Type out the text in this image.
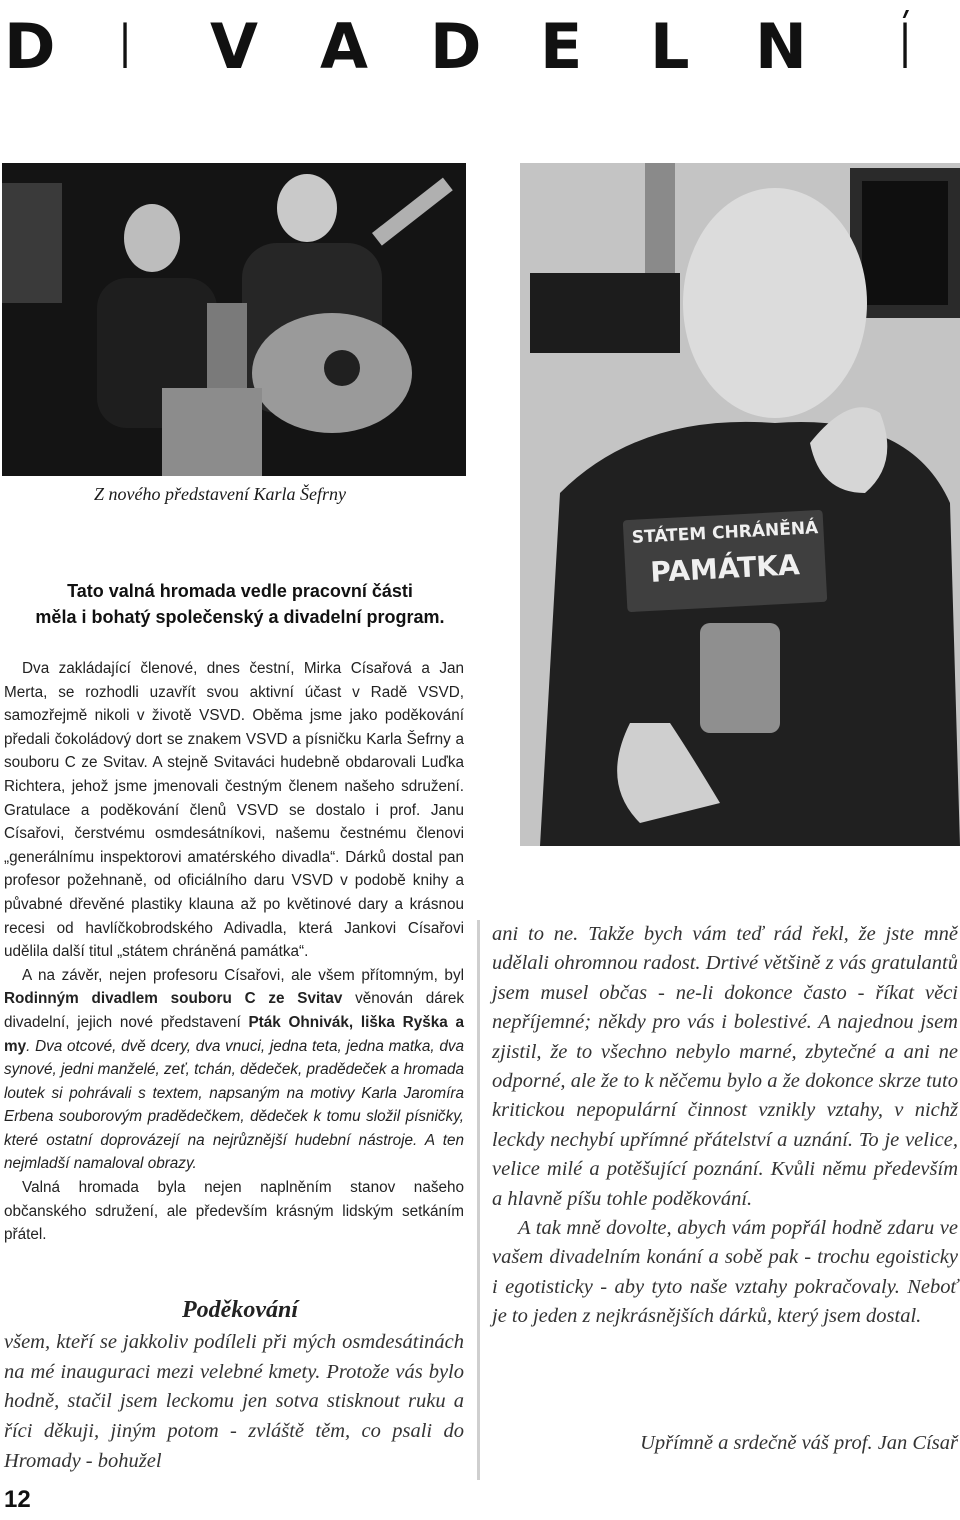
D I V A D E L N Í
Z nového představení Karla Šefrny
STÁTEM CHRÁNĚNÁ
PAMÁTKA
Tato valná hromada vedle pracovní části
měla i bohatý společenský a divadelní program.

Dva zakládající členové, dnes čestní, Mirka Císařová a Jan Merta, se rozhodli uzavřít svou aktivní účast v Radě VSVD, samozřejmě nikoli v životě VSVD. Oběma jsme jako poděkování předali čokoládový dort se znakem VSVD a písničku Karla Šefrny a souboru C ze Svitav. A stejně Svitaváci hudebně obdarovali Luďka Richtera, jehož jsme jmenovali čestným členem našeho sdružení. Gratulace a poděkování členů VSVD se dostalo i prof. Janu Císařovi, čerstvému osmdesátníkovi, našemu čestnému členovi „generálnímu inspektorovi amatérského divadla“. Dárků dostal pan profesor požehnaně, od oficiálního daru VSVD v podobě knihy a půvabné dřevěné plastiky klauna až po květinové dary a krásnou recesi od havlíčkobrodského Adivadla, která Jankovi Císařovi udělila další titul „státem chráněná památka“.

A na závěr, nejen profesoru Císařovi, ale všem přítomným, byl Rodinným divadlem souboru C ze Svitav věnován dárek divadelní, jejich nové představení Pták Ohnivák, liška Ryška a my. Dva otcové, dvě dcery, dva vnuci, jedna teta, jedna matka, dva synové, jedni manželé, zeť, tchán, dědeček, pradědeček a hromada loutek si pohrávali s textem, napsaným na motivy Karla Jaromíra Erbena souborovým pradědečkem, dědeček k tomu složil písničky, které ostatní doprovázejí na nejrůznější hudební nástroje. A ten nejmladší namaloval obrazy.

Valná hromada byla nejen naplněním stanov našeho občanského sdružení, ale především krásným lidským setkáním přátel.

Poděkování
všem, kteří se jakkoliv podíleli při mých osmdesátinách na mé inauguraci mezi velebné kmety. Protože vás bylo hodně, stačil jsem leckomu jen sotva stisknout ruku a říci děkuji, jiným potom - zvláště těm, co psali do Hromady - bohužel

ani to ne. Takže bych vám teď rád řekl, že jste mně udělali ohromnou radost. Drtivé většině z vás gratulantů jsem musel občas - ne-li dokonce často - říkat věci nepříjemné; někdy pro vás i bolestivé. A najednou jsem zjistil, že to všechno nebylo marné, zbytečné a ani ne odporné, ale že to k něčemu bylo a že dokonce skrze tuto kritickou nepopulární činnost vznikly vztahy, v nichž leckdy nechybí upřímné přátelství a uznání. To je velice, velice milé a potěšující poznání. Kvůli němu především a hlavně píšu tohle poděkování.

A tak mně dovolte, abych vám popřál hodně zdaru ve vašem divadelním konání a sobě pak - trochu egoisticky i egotisticky - aby tyto naše vztahy pokračovaly. Neboť je to jeden z nejkrásnějších dárků, který jsem dostal.

Upřímně a srdečně váš prof. Jan Císař
12
